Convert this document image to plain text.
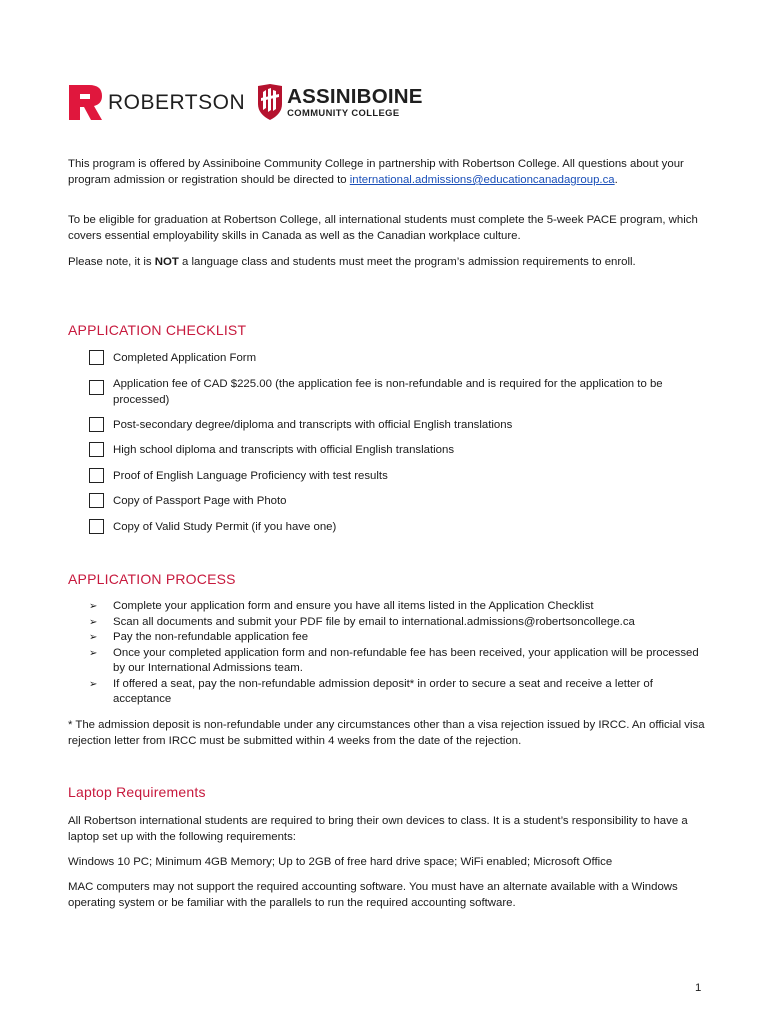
ROBERTSON ASSINIBOINE
COMMUNITY COLLEGE

This program is offered by Assiniboine Community College in partnership with Robertson College. All questions about your program admission or registration should be directed to international.admissions@educationcanadagroup.ca.

To be eligible for graduation at Robertson College, all international students must complete the 5-week PACE program, which covers essential employability skills in Canada as well as the Canadian workplace culture.

Please note, it is NOT a language class and students must meet the program’s admission requirements to enroll.

APPLICATION CHECKLIST
Completed Application Form
Application fee of CAD $225.00 (the application fee is non-refundable and is required for the application to be processed)
Post-secondary degree/diploma and transcripts with official English translations
High school diploma and transcripts with official English translations
Proof of English Language Proficiency with test results
Copy of Passport Page with Photo
Copy of Valid Study Permit (if you have one)
APPLICATION PROCESS
➢	Complete your application form and ensure you have all items listed in the Application Checklist
➢	Scan all documents and submit your PDF file by email to international.admissions@robertsoncollege.ca
➢	Pay the non-refundable application fee
➢	Once your completed application form and non-refundable fee has been received, your application will be processed by our International Admissions team.
➢	If offered a seat, pay the non-refundable admission deposit* in order to secure a seat and receive a letter of acceptance

* The admission deposit is non-refundable under any circumstances other than a visa rejection issued by IRCC. An official visa rejection letter from IRCC must be submitted within 4 weeks from the date of the rejection.

Laptop Requirements

All Robertson international students are required to bring their own devices to class. It is a student’s responsibility to have a laptop set up with the following requirements:

Windows 10 PC; Minimum 4GB Memory; Up to 2GB of free hard drive space; WiFi enabled; Microsoft Office

MAC computers may not support the required accounting software. You must have an alternate available with a Windows operating system or be familiar with the parallels to run the required accounting software.

1
